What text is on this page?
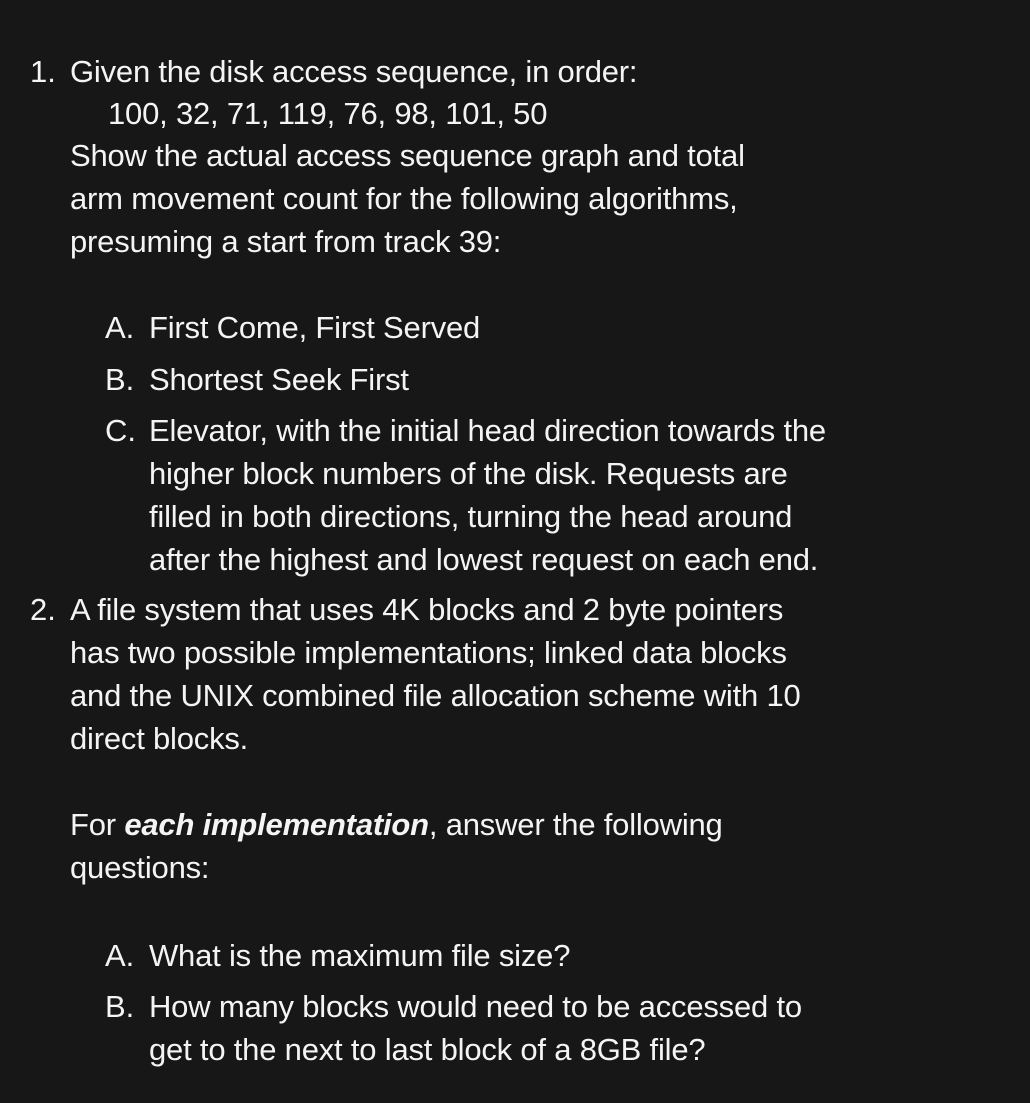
1. Given the disk access sequence, in order:
100, 32, 71, 119, 76, 98, 101, 50
Show the actual access sequence graph and total
arm movement count for the following algorithms,
presuming a start from track 39:
A. First Come, First Served
B. Shortest Seek First
C. Elevator, with the initial head direction towards the
higher block numbers of the disk. Requests are
filled in both directions, turning the head around
after the highest and lowest request on each end.
2. A file system that uses 4K blocks and 2 byte pointers
has two possible implementations; linked data blocks
and the UNIX combined file allocation scheme with 10
direct blocks.
For each implementation, answer the following
questions:
A. What is the maximum file size?
B. How many blocks would need to be accessed to
get to the next to last block of a 8GB file?
